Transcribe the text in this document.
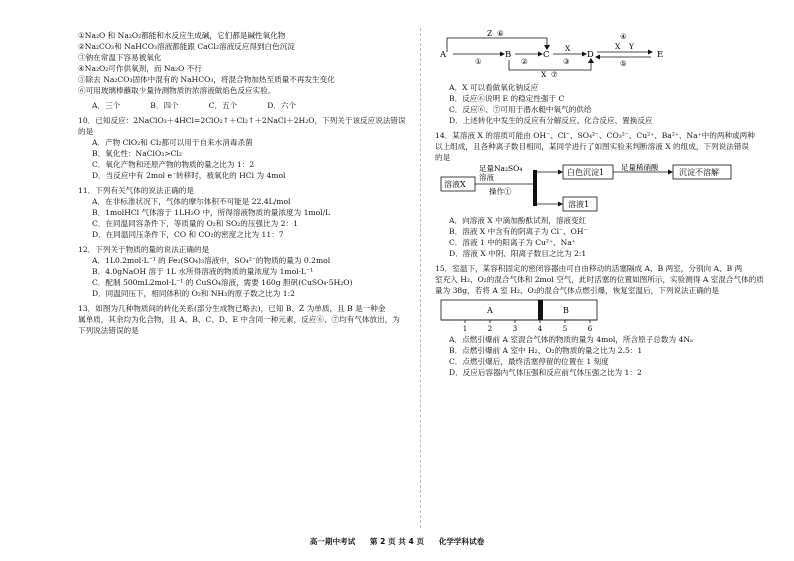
①Na₂O 和 Na₂O₂都能和水反应生成碱，它们都是碱性氧化物
②Na₂CO₃和 NaHCO₃溶液都能跟 CaCl₂溶液反应得到白色沉淀
③钠在常温下容易被氧化
④Na₂O₂可作供氧剂，而 Na₂O 不行
⑤除去 Na₂CO₃固体中混有的 NaHCO₃，将混合物加热至质量不再发生变化
⑥可用玻璃棒蘸取少量待测物质的浓溶液做焰色反应实验。
A．三个	B．四个	C．五个	D．六个
10．已知反应：2NaClO₃＋4HCl=2ClO₂↑＋Cl₂↑＋2NaCl＋2H₂O，下列关于该反应说法错误
的是
A．产物 ClO₂和 Cl₂都可以用于自来水消毒杀菌
B．氧化性：NaClO₃>Cl₂
C．氧化产物和还原产物的物质的量之比为 1：2
D．当反应中有 2mol e⁻转移时，被氧化的 HCl 为 4mol
11．下列有关气体的说法正确的是
A．在非标准状况下，气体的摩尔体积不可能是 22.4L/mol
B．1molHCl 气体溶于 1LH₂O 中，所得溶液物质的量浓度为 1mol/L
C．在同温同容条件下，等质量的 O₂和 SO₂的压强比为 2：1
D．在同温同压条件下，CO 和 CO₂的密度之比为 11：7
12．下列关于物质的量的说法正确的是
A．1L0.2mol·L⁻¹ 的 Fe₂(SO₄)₃溶液中，SO₄²⁻的物质的量为 0.2mol
B．4.0gNaOH 溶于 1L 水所得溶液的物质的量浓度为 1mol·L⁻¹
C．配制 500mL2mol·L⁻¹ 的 CuSO₄溶液，需要 160g 胆矾(CuSO₄·5H₂O)
D．同温同压下，相同体积的 O₂和 NH₃的原子数之比为 1:2
13．如图为几种物质间的转化关系(部分生成物已略去)，已知 B、Z 为单质，且 B 是一种金
属单质，其余均为化合物，且 A、B、C、D、E 中含同一种元素，反应⑥、⑦均有气体放出，为
下列说法错误的是
A	B	C	D	E
Z ⑥
①	②	③
X
④
X Y
⑤
X ⑦
A．X 可以看做氧化钠反应
B．反应⑥说明 E 的稳定性强于 C
C．反应⑥、⑦可用于潜水艇中氧气的供给
D．上述转化中发生的反应有分解反应、化合反应、置换反应
14．某溶液 X 的溶质可能由 OH⁻、Cl⁻、SO₄²⁻、CO₃²⁻、Cu²⁺、Ba²⁺、Na⁺中的两种或两种
以上组成，且各种离子数目相同，某同学进行了如图实验来判断溶液 X 的组成，下列说法错误
的是
溶液X
白色沉淀1	沉淀不溶解
溶液1
足量Na₂SO₄
溶液
操作①
足量稀硝酸
A．向溶液 X 中滴加酚酞试剂，溶液变红
B．溶液 X 中含有的阴离子为 Cl⁻、OH⁻
C．溶液 1 中的阳离子为 Cu²⁺、Na⁺
D．溶液 X 中阴、阳离子数目之比为 2:1
15．室温下，某容积固定的密闭容器由可自由移动的活塞隔成 A、B 两室，分别向 A、B 两
室充入 H₂、O₂的混合气体和 2mol 空气，此时活塞的位置如图所示，实验测得 A 室混合气体的质
量为 38g，若将 A 室 H₂、O₂的混合气体点燃引爆，恢复室温后，下列说法正确的是
A	B
1	2	3	4	5	6
A．点燃引爆前 A 室混合气体的物质的量为 4mol，所含原子总数为 4Nₐ
B．点燃引爆前 A 室中 H₂、O₂的物质的量之比为 2.5：1
C．点燃引爆后，最终活塞停留的位置在 1 刻度
D．反应后容器内气体压强和反应前气体压强之比为 1：2
高一期中考试 第 2 页 共 4 页 化学学科试卷
